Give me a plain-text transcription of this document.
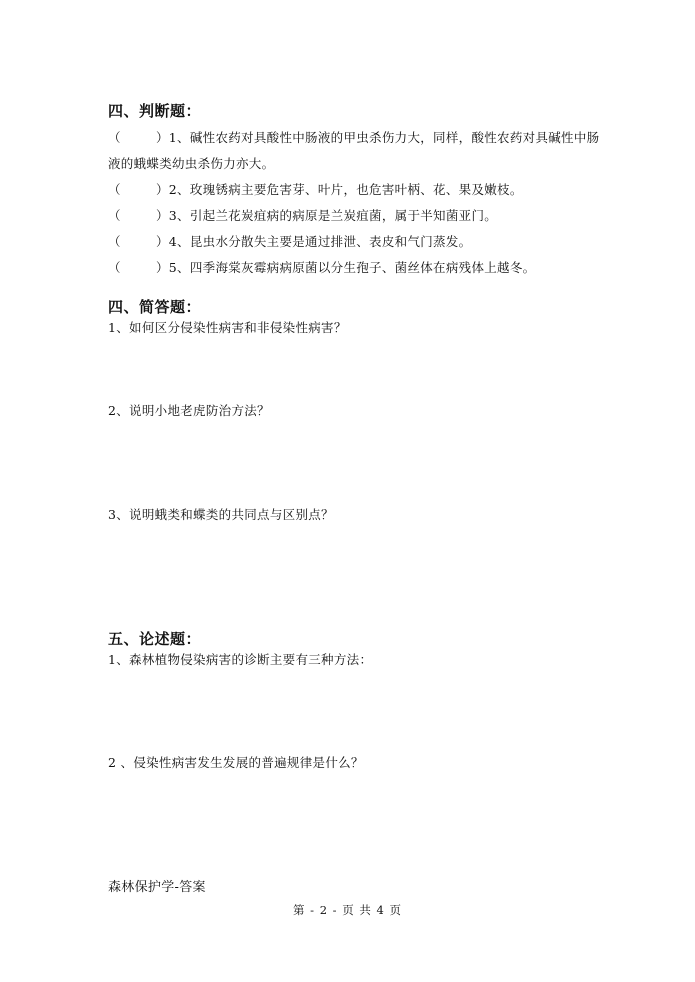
四、判断题：
（	）1、碱性农药对具酸性中肠液的甲虫杀伤力大，同样，酸性农药对具碱性中肠
液的蛾蝶类幼虫杀伤力亦大。
（	）2、玫瑰锈病主要危害芽、叶片，也危害叶柄、花、果及嫩枝。
（	）3、引起兰花炭疽病的病原是兰炭疽菌，属于半知菌亚门。
（	）4、昆虫水分散失主要是通过排泄、表皮和气门蒸发。
（	）5、四季海棠灰霉病病原菌以分生孢子、菌丝体在病残体上越冬。
四、简答题：
1、如何区分侵染性病害和非侵染性病害？
2、说明小地老虎防治方法？
3、说明蛾类和蝶类的共同点与区别点？
五、论述题：
1、森林植物侵染病害的诊断主要有三种方法：
2 、侵染性病害发生发展的普遍规律是什么？
森林保护学-答案
第 - 2 - 页 共 4 页
